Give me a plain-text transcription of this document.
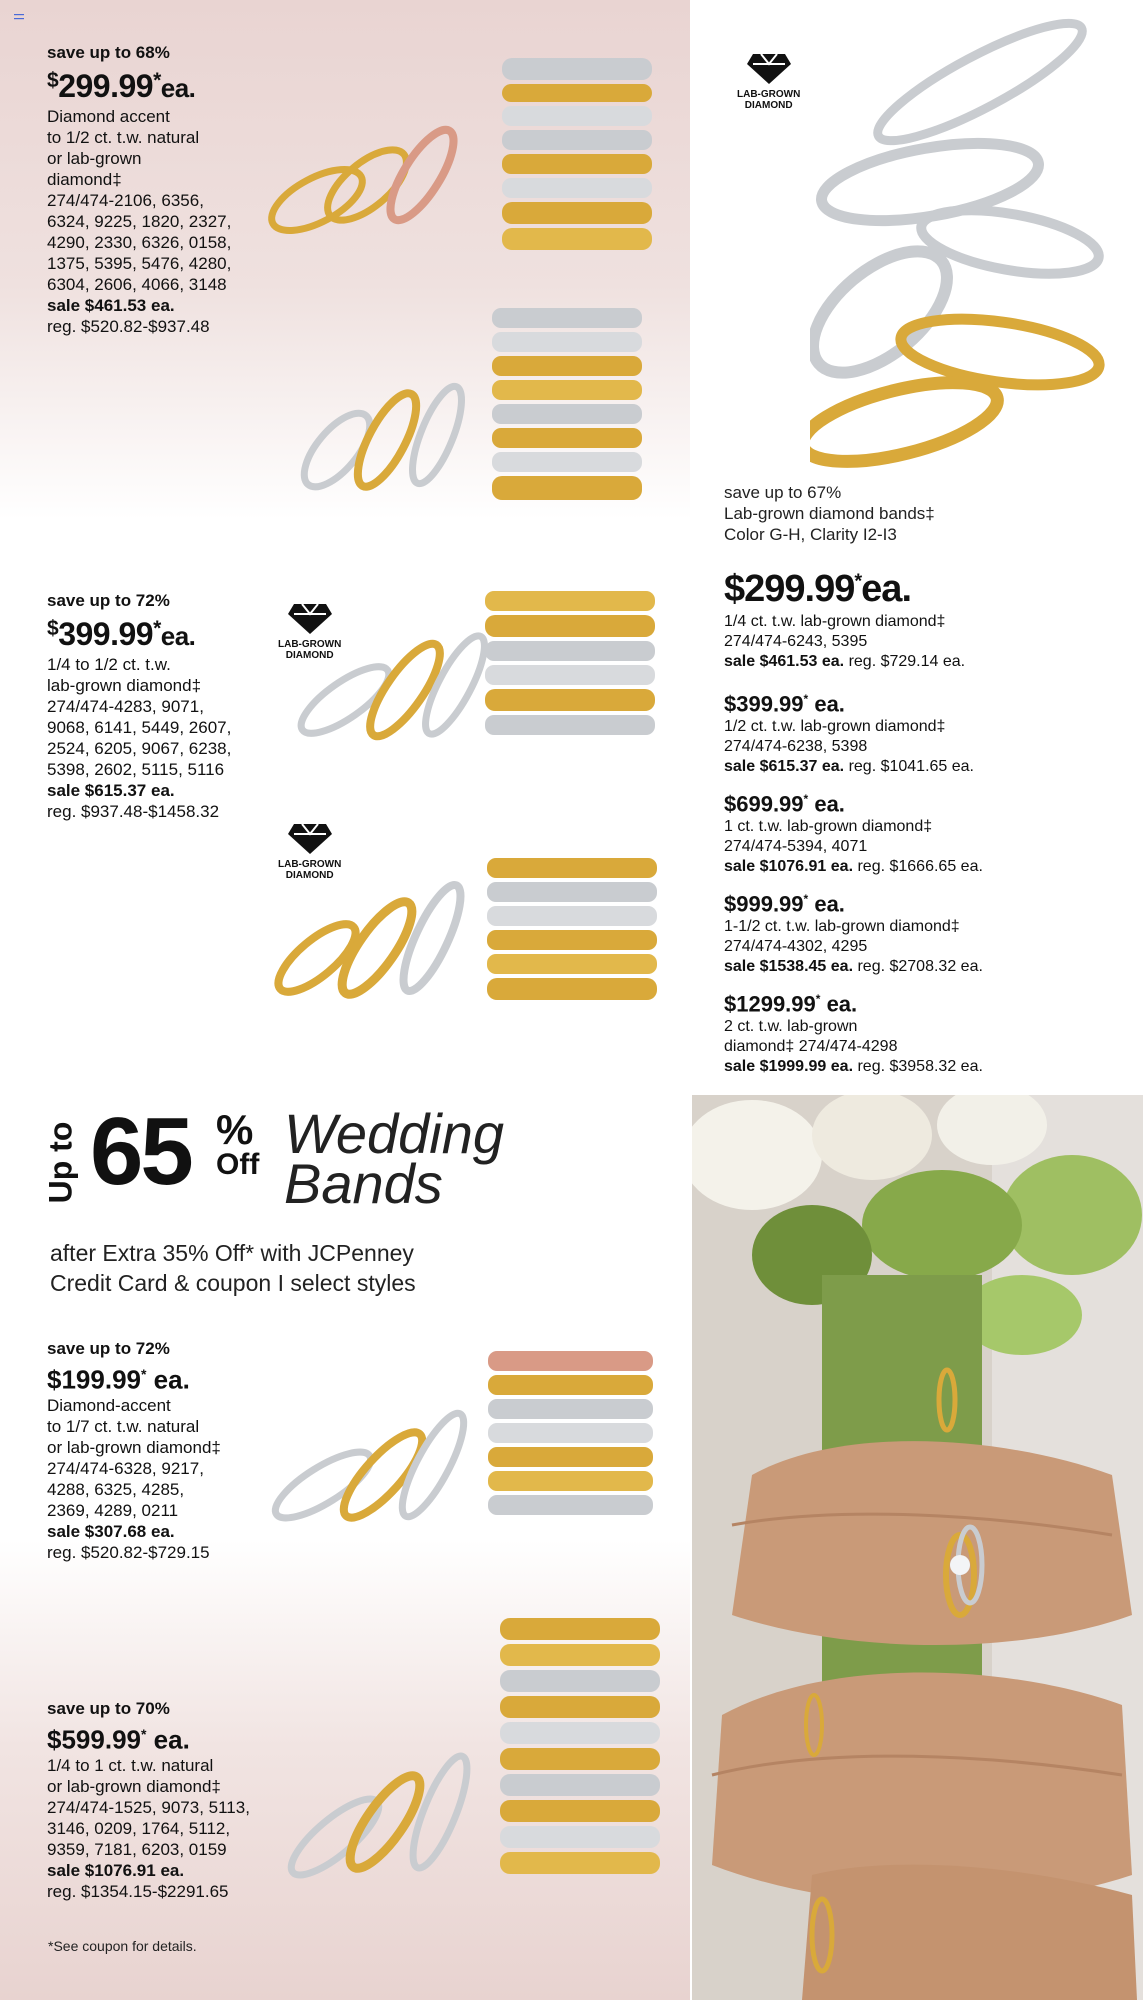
save up to 68%
$299.99*ea.
Diamond accent
to 1/2 ct. t.w. natural
or lab-grown
diamond‡
274/474-2106, 6356,
6324, 9225, 1820, 2327,
4290, 2330, 6326, 0158,
1375, 5395, 5476, 4280,
6304, 2606, 4066, 3148
sale $461.53 ea.
reg. $520.82-$937.48
save up to 72%
$399.99*ea.
1/4 to 1/2 ct. t.w.
lab-grown diamond‡
274/474-4283, 9071,
9068, 6141, 5449, 2607,
2524, 6205, 9067, 6238,
5398, 2602, 5115, 5116
sale $615.37 ea.
reg. $937.48-$1458.32
save up to 72%
$199.99* ea.
Diamond-accent
to 1/7 ct. t.w. natural
or lab-grown diamond‡
274/474-6328, 9217,
4288, 6325, 4285,
2369, 4289, 0211
sale $307.68 ea.
reg. $520.82-$729.15
save up to 70%
$599.99* ea.
1/4 to 1 ct. t.w. natural
or lab-grown diamond‡
274/474-1525, 9073, 5113,
3146, 0209, 1764, 5112,
9359, 7181, 6203, 0159
sale $1076.91 ea.
reg. $1354.15-$2291.65
LAB-GROWN
DIAMOND
LAB-GROWN
DIAMOND
LAB-GROWN
DIAMOND
save up to 67%
Lab-grown diamond bands‡
Color G-H, Clarity I2-I3
$299.99*ea.
1/4 ct. t.w. lab-grown diamond‡
274/474-6243, 5395
sale $461.53 ea. reg. $729.14 ea.
$399.99* ea.
1/2 ct. t.w. lab-grown diamond‡
274/474-6238, 5398
sale $615.37 ea. reg. $1041.65 ea.
$699.99* ea.
1 ct. t.w. lab-grown diamond‡
274/474-5394, 4071
sale $1076.91 ea. reg. $1666.65 ea.
$999.99* ea.
1-1/2 ct. t.w. lab-grown diamond‡
274/474-4302, 4295
sale $1538.45 ea. reg. $2708.32 ea.
$1299.99* ea.
2 ct. t.w. lab-grown
diamond‡ 274/474-4298
sale $1999.99 ea. reg. $3958.32 ea.
Up to 65 %
Off Wedding
Bands
after Extra 35% Off* with JCPenney
Credit Card & coupon I select styles
*See coupon for details.
